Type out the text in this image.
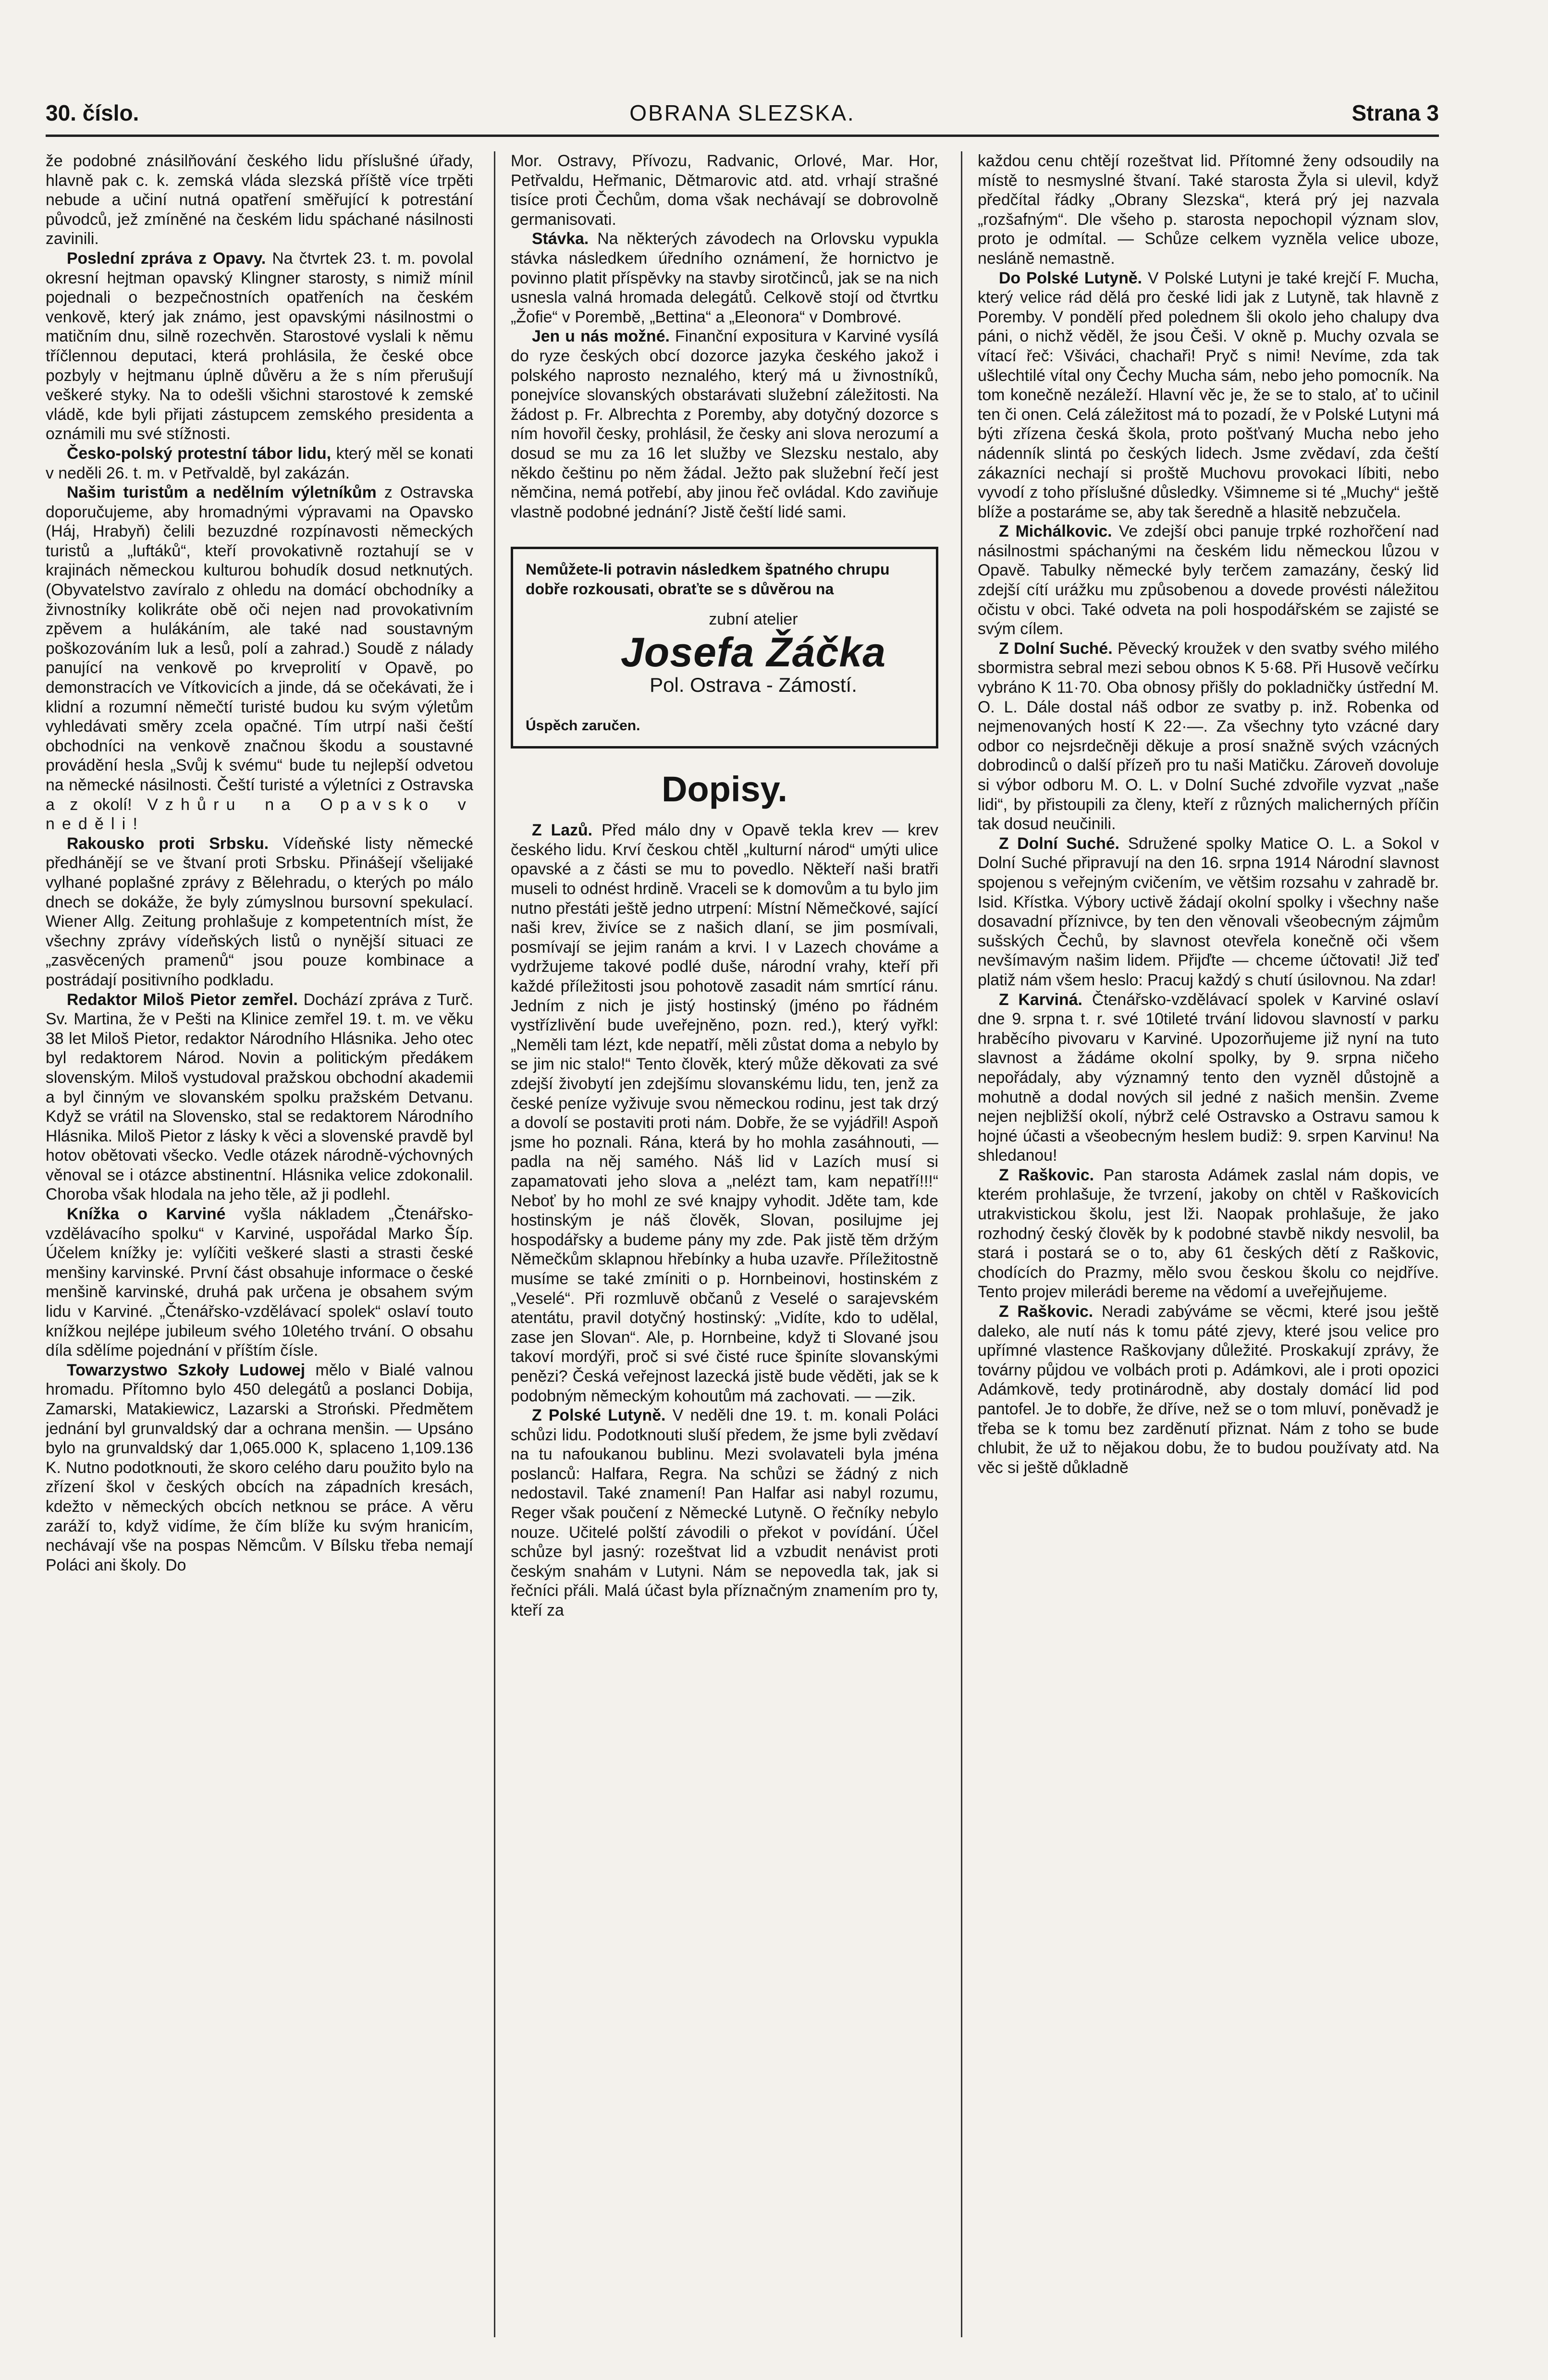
30. číslo.	OBRANA SLEZSKA.	Strana 3

že podobné znásilňování českého lidu příslušné úřady, hlavně pak c. k. zemská vláda slezská příště více trpěti nebude a učiní nutná opatření směřující k potrestání původců, jež zmíněné na českém lidu spáchané násilnosti zavinili.

Poslední zpráva z Opavy. Na čtvrtek 23. t. m. povolal okresní hejtman opavský Klingner starosty, s nimiž mínil pojednali o bezpečnostních opatřeních na českém venkově, který jak známo, jest opavskými násilnostmi o matičním dnu, silně rozechvěn. Starostové vyslali k němu tříčlennou deputaci, která prohlásila, že české obce pozbyly v hejtmanu úplně důvěru a že s ním přerušují veškeré styky. Na to odešli všichni starostové k zemské vládě, kde byli přijati zástupcem zemského presidenta a oznámili mu své stížnosti.

Česko-polský protestní tábor lidu, který měl se konati v neděli 26. t. m. v Petřvaldě, byl zakázán.

Našim turistům a nedělním výletníkům z Ostravska doporučujeme, aby hromadnými výpravami na Opavsko (Háj, Hrabyň) čelili bezuzdné rozpínavosti německých turistů a „luftáků“, kteří provokativně roztahují se v krajinách německou kulturou bohudík dosud netknutých. (Obyvatelstvo zavíralo z ohledu na domácí obchodníky a živnostníky kolikráte obě oči nejen nad provokativním zpěvem a hulákáním, ale také nad soustavným poškozováním luk a lesů, polí a zahrad.) Soudě z nálady panující na venkově po krveprolití v Opavě, po demonstracích ve Vítkovicích a jinde, dá se očekávati, že i klidní a rozumní němečtí turisté budou ku svým výletům vyhledávati směry zcela opačné. Tím utrpí naši čeští obchodníci na venkově značnou škodu a soustavné provádění hesla „Svůj k svému“ bude tu nejlepší odvetou na německé násilnosti. Čeští turisté a výletníci z Ostravska a z okolí! Vzhůru na Opavsko v neděli!

Rakousko proti Srbsku. Vídeňské listy německé předhánějí se ve štvaní proti Srbsku. Přinášejí všelijaké vylhané poplašné zprávy z Bělehradu, o kterých po málo dnech se dokáže, že byly zúmyslnou bursovní spekulací. Wiener Allg. Zeitung prohlašuje z kompetentních míst, že všechny zprávy vídeňských listů o nynější situaci ze „zasvěcených pramenů“ jsou pouze kombinace a postrádají positivního podkladu.

Redaktor Miloš Pietor zemřel. Dochází zpráva z Turč. Sv. Martina, že v Pešti na Klinice zemřel 19. t. m. ve věku 38 let Miloš Pietor, redaktor Národního Hlásnika. Jeho otec byl redaktorem Národ. Novin a politickým předákem slovenským. Miloš vystudoval pražskou obchodní akademii a byl činným ve slovanském spolku pražském Detvanu. Když se vrátil na Slovensko, stal se redaktorem Národního Hlásnika. Miloš Pietor z lásky k věci a slovenské pravdě byl hotov obětovati všecko. Vedle otázek národně-výchovných věnoval se i otázce abstinentní. Hlásnika velice zdokonalil. Choroba však hlodala na jeho těle, až ji podlehl.

Knížka o Karviné vyšla nákladem „Čtenářsko-vzdělávacího spolku“ v Karviné, uspořádal Marko Šíp. Účelem knížky je: vylíčiti veškeré slasti a strasti české menšiny karvinské. První část obsahuje informace o české menšině karvinské, druhá pak určena je obsahem svým lidu v Karviné. „Čtenářsko-vzdělávací spolek“ oslaví touto knížkou nejlépe jubileum svého 10letého trvání. O obsahu díla sdělíme pojednání v příštím čísle.

Towarzystwo Szkoły Ludowej mělo v Bialé valnou hromadu. Přítomno bylo 450 delegátů a poslanci Dobija, Zamarski, Matakiewicz, Lazarski a Stroński. Předmětem jednání byl grunvaldský dar a ochrana menšin. — Upsáno bylo na grunvaldský dar 1,065.000 K, splaceno 1,109.136 K. Nutno podotknouti, že skoro celého daru použito bylo na zřízení škol v českých obcích na západních kresách, kdežto v německých obcích netknou se práce. A věru zaráží to, když vidíme, že čím blíže ku svým hranicím, nechávají vše na pospas Němcům. V Bílsku třeba nemají Poláci ani školy. Do

Mor. Ostravy, Přívozu, Radvanic, Orlové, Mar. Hor, Petřvaldu, Heřmanic, Dětmarovic atd. atd. vrhají strašné tisíce proti Čechům, doma však nechávají se dobrovolně germanisovati.

Stávka. Na některých závodech na Orlovsku vypukla stávka následkem úředního oznámení, že hornictvo je povinno platit příspěvky na stavby sirotčinců, jak se na nich usnesla valná hromada delegátů. Celkově stojí od čtvrtku „Žofie“ v Porembě, „Bettina“ a „Eleonora“ v Dombrové.

Jen u nás možné. Finanční expositura v Karviné vysílá do ryze českých obcí dozorce jazyka českého jakož i polského naprosto neznalého, který má u živnostníků, ponejvíce slovanských obstarávati služební záležitosti. Na žádost p. Fr. Albrechta z Poremby, aby dotyčný dozorce s ním hovořil česky, prohlásil, že česky ani slova nerozumí a dosud se mu za 16 let služby ve Slezsku nestalo, aby někdo češtinu po něm žádal. Ježto pak služební řečí jest němčina, nemá potřebí, aby jinou řeč ovládal. Kdo zaviňuje vlastně podobné jednání? Jistě čeští lidé sami.

Nemůžete-li potravin následkem špatného chrupu dobře rozkousati, obraťte se s důvěrou na
zubní atelier
Josefa Žáčka
Pol. Ostrava - Zámostí.
Úspěch zaručen.
Dopisy.

Z Lazů. Před málo dny v Opavě tekla krev — krev českého lidu. Krví českou chtěl „kulturní národ“ umýti ulice opavské a z části se mu to povedlo. Někteří naši bratři museli to odnést hrdině. Vraceli se k domovům a tu bylo jim nutno přestáti ještě jedno utrpení: Místní Němečkové, sající naši krev, živíce se z našich dlaní, se jim posmívali, posmívají se jejim ranám a krvi. I v Lazech chováme a vydržujeme takové podlé duše, národní vrahy, kteří při každé příležitosti jsou pohotově zasadit nám smrtící ránu. Jedním z nich je jistý hostinský (jméno po řádném vystřízlivění bude uveřejněno, pozn. red.), který vyřkl: „Neměli tam lézt, kde nepatří, měli zůstat doma a nebylo by se jim nic stalo!“ Tento člověk, který může děkovati za své zdejší živobytí jen zdejšímu slovanskému lidu, ten, jenž za české peníze vyživuje svou německou rodinu, jest tak drzý a dovolí se postaviti proti nám. Dobře, že se vyjádřil! Aspoň jsme ho poznali. Rána, která by ho mohla zasáhnouti, — padla na něj samého. Náš lid v Lazích musí si zapamatovati jeho slova a „nelézt tam, kam nepatří!!!“ Neboť by ho mohl ze své knajpy vyhodit. Jděte tam, kde hostinským je náš člověk, Slovan, posilujme jej hospodářsky a budeme pány my zde. Pak jistě těm držým Němečkům sklapnou hřebínky a huba uzavře. Příležitostně musíme se také zmíniti o p. Hornbeinovi, hostinském z „Veselé“. Při rozmluvě občanů z Veselé o sarajevském atentátu, pravil dotyčný hostinský: „Vidíte, kdo to udělal, zase jen Slovan“. Ale, p. Hornbeine, když ti Slované jsou takoví mordýři, proč si své čisté ruce špiníte slovanskými penězi? Česká veřejnost lazecká jistě bude věděti, jak se k podobným německým kohoutům má zachovati. — —zik.

Z Polské Lutyně. V neděli dne 19. t. m. konali Poláci schůzi lidu. Podotknouti sluší předem, že jsme byli zvědaví na tu nafoukanou bublinu. Mezi svolavateli byla jména poslanců: Halfara, Regra. Na schůzi se žádný z nich nedostavil. Také znamení! Pan Halfar asi nabyl rozumu, Reger však poučení z Německé Lutyně. O řečníky nebylo nouze. Učitelé polští závodili o překot v povídání. Účel schůze byl jasný: rozeštvat lid a vzbudit nenávist proti českým snahám v Lutyni. Nám se nepovedla tak, jak si řečníci přáli. Malá účast byla příznačným znamením pro ty, kteří za

každou cenu chtějí rozeštvat lid. Přítomné ženy odsoudily na místě to nesmyslné štvaní. Také starosta Žyla si ulevil, když předčítal řádky „Obrany Slezska“, která prý jej nazvala „rozšafným“. Dle všeho p. starosta nepochopil význam slov, proto je odmítal. — Schůze celkem vyzněla velice uboze, nesláně nemastně.

Do Polské Lutyně. V Polské Lutyni je také krejčí F. Mucha, který velice rád dělá pro české lidi jak z Lutyně, tak hlavně z Poremby. V pondělí před polednem šli okolo jeho chalupy dva páni, o nichž věděl, že jsou Češi. V okně p. Muchy ozvala se vítací řeč: Všiváci, chachaři! Pryč s nimi! Nevíme, zda tak ušlechtilé vítal ony Čechy Mucha sám, nebo jeho pomocník. Na tom konečně nezáleží. Hlavní věc je, že se to stalo, ať to učinil ten či onen. Celá záležitost má to pozadí, že v Polské Lutyni má býti zřízena česká škola, proto pošťvaný Mucha nebo jeho nádenník slintá po českých lidech. Jsme zvědaví, zda čeští zákazníci nechají si proště Muchovu provokaci líbiti, nebo vyvodí z toho příslušné důsledky. Všimneme si té „Muchy“ ještě blíže a postaráme se, aby tak šeredně a hlasitě nebzučela.

Z Michálkovic. Ve zdejší obci panuje trpké rozhořčení nad násilnostmi spáchanými na českém lidu německou lůzou v Opavě. Tabulky německé byly terčem zamazány, český lid zdejší cítí urážku mu způsobenou a dovede provésti náležitou očistu v obci. Také odveta na poli hospodářském se zajisté se svým cílem.

Z Dolní Suché. Pěvecký kroužek v den svatby svého milého sbormistra sebral mezi sebou obnos K 5·68. Při Husově večírku vybráno K 11·70. Oba obnosy přišly do pokladničky ústřední M. O. L. Dále dostal náš odbor ze svatby p. inž. Robenka od nejmenovaných hostí K 22·—. Za všechny tyto vzácné dary odbor co nejsrdečněji děkuje a prosí snažně svých vzácných dobrodinců o další přízeň pro tu naši Matičku. Zároveň dovoluje si výbor odboru M. O. L. v Dolní Suché zdvořile vyzvat „naše lidi“, by přistoupili za členy, kteří z různých malicherných příčin tak dosud neučinili.

Z Dolní Suché. Sdružené spolky Matice O. L. a Sokol v Dolní Suché připravují na den 16. srpna 1914 Národní slavnost spojenou s veřejným cvičením, ve většim rozsahu v zahradě br. Isid. Křístka. Výbory uctivě žádají okolní spolky i všechny naše dosavadní příznivce, by ten den věnovali všeobecným zájmům sušských Čechů, by slavnost otevřela konečně oči všem nevšímavým našim lidem. Přijďte — chceme účtovati! Již teď platiž nám všem heslo: Pracuj každý s chutí úsilovnou. Na zdar!

Z Karviná. Čtenářsko-vzdělávací spolek v Karviné oslaví dne 9. srpna t. r. své 10tileté trvání lidovou slavností v parku hraběcího pivovaru v Karviné. Upozorňujeme již nyní na tuto slavnost a žádáme okolní spolky, by 9. srpna ničeho nepořádaly, aby významný tento den vyzněl důstojně a mohutně a dodal nových sil jedné z našich menšin. Zveme nejen nejbližší okolí, nýbrž celé Ostravsko a Ostravu samou k hojné účasti a všeobecným heslem budiž: 9. srpen Karvinu! Na shledanou!

Z Raškovic. Pan starosta Adámek zaslal nám dopis, ve kterém prohlašuje, že tvrzení, jakoby on chtěl v Raškovicích utrakvistickou školu, jest lži. Naopak prohlašuje, že jako rozhodný český člověk by k podobné stavbě nikdy nesvolil, ba stará i postará se o to, aby 61 českých dětí z Raškovic, chodících do Prazmy, mělo svou českou školu co nejdříve. Tento projev milerádi bereme na vědomí a uveřejňujeme.

Z Raškovic. Neradi zabýváme se věcmi, které jsou ještě daleko, ale nutí nás k tomu páté zjevy, které jsou velice pro upřímné vlastence Raškovjany důležité. Proskakují zprávy, že továrny půjdou ve volbách proti p. Adámkovi, ale i proti opozici Adámkově, tedy protinárodně, aby dostaly domácí lid pod pantofel. Je to dobře, že dříve, než se o tom mluví, poněvadž je třeba se k tomu bez zarděnutí přiznat. Nám z toho se bude chlubit, že už to nějakou dobu, že to budou používaty atd. Na věc si ještě důkladně
